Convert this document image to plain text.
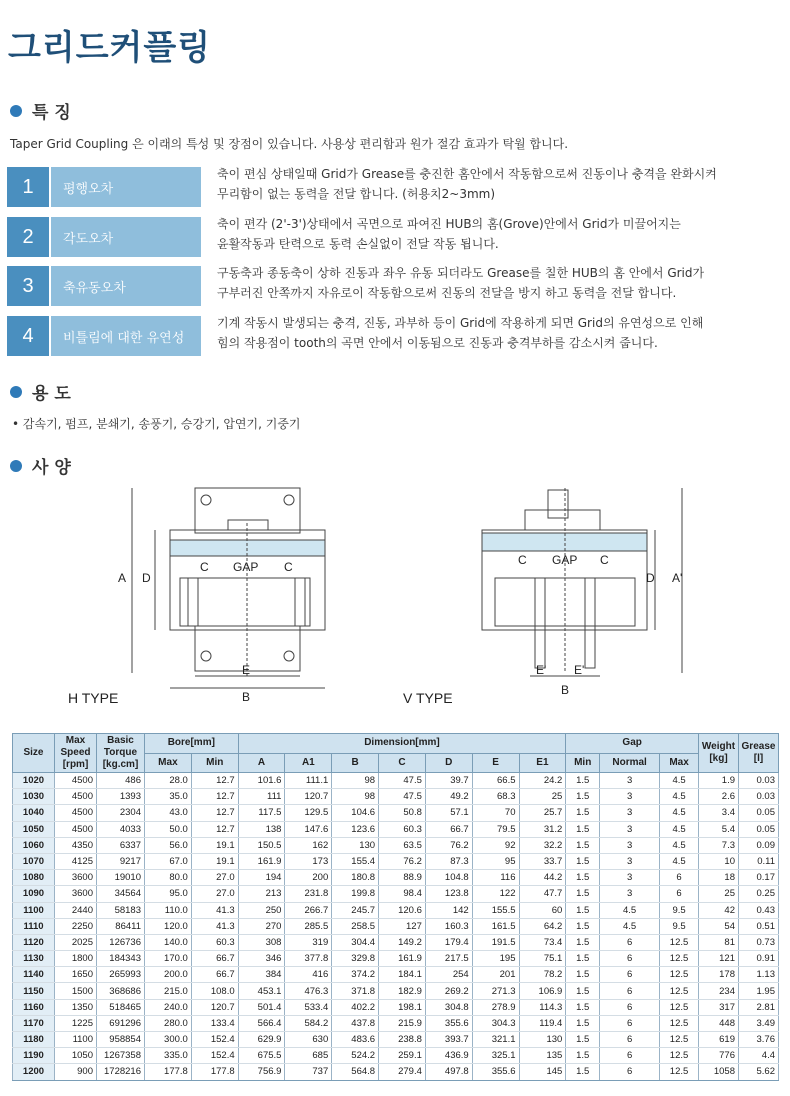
그리드커플링
특 징
Taper Grid Coupling 은 이래의 특성 및 장점이 있습니다. 사용상 편리함과 원가 절감 효과가 탁월 합니다.
1	평행오차
축이 편심 상태일때 Grid가 Grease를 충진한 홈안에서 작동함으로써 진동이나 충격을 완화시켜
무리함이 없는 동력을 전달 합니다. (허용치2~3mm)
2	각도오차
축이 편각 (2'-3')상태에서 곡면으로 파여진 HUB의 홈(Grove)안에서 Grid가 미끌어지는
윤활작동과 탄력으로 동력 손실없이 전달 작동 됩니다.
3	축유동오차
구동축과 종동축이 상하 진동과 좌우 유동 되더라도 Grease를 칠한 HUB의 홈 안에서 Grid가
구부러진 안쪽까지 자유로이 작동함으로써 진동의 전달을 방지 하고 동력을 전달 합니다.
4	비틀림에 대한 유연성
기계 작동시 발생되는 충격, 진동, 과부하 등이 Grid에 작용하게 되면 Grid의 유연성으로 인해
힘의 작용점이 tooth의 곡면 안에서 이동됨으로 진동과 충격부하를 감소시켜 줍니다.
용 도
• 감속기, 펌프, 분쇄기, 송풍기, 승강기, 압연기, 기중기
사 양
A D
C GAP C
E
B
H TYPE
C GAP C
D A'
E' E'
B
V TYPE
Size	Max Speed [rpm]	Basic Torque [kg.cm]	Bore[mm]		Dimension[mm]							Gap			Weight [kg]	Grease [l]
			Max	Min	A	A1	B	C	D	E	E1	Min	Normal	Max		
1020	4500	486	28.0	12.7	101.6	111.1	98	47.5	39.7	66.5	24.2	1.5	3	4.5	1.9	0.03
1030	4500	1393	35.0	12.7	111	120.7	98	47.5	49.2	68.3	25	1.5	3	4.5	2.6	0.03
1040	4500	2304	43.0	12.7	117.5	129.5	104.6	50.8	57.1	70	25.7	1.5	3	4.5	3.4	0.05
1050	4500	4033	50.0	12.7	138	147.6	123.6	60.3	66.7	79.5	31.2	1.5	3	4.5	5.4	0.05
1060	4350	6337	56.0	19.1	150.5	162	130	63.5	76.2	92	32.2	1.5	3	4.5	7.3	0.09
1070	4125	9217	67.0	19.1	161.9	173	155.4	76.2	87.3	95	33.7	1.5	3	4.5	10	0.11
1080	3600	19010	80.0	27.0	194	200	180.8	88.9	104.8	116	44.2	1.5	3	6	18	0.17
1090	3600	34564	95.0	27.0	213	231.8	199.8	98.4	123.8	122	47.7	1.5	3	6	25	0.25
1100	2440	58183	110.0	41.3	250	266.7	245.7	120.6	142	155.5	60	1.5	4.5	9.5	42	0.43
1110	2250	86411	120.0	41.3	270	285.5	258.5	127	160.3	161.5	64.2	1.5	4.5	9.5	54	0.51
1120	2025	126736	140.0	60.3	308	319	304.4	149.2	179.4	191.5	73.4	1.5	6	12.5	81	0.73
1130	1800	184343	170.0	66.7	346	377.8	329.8	161.9	217.5	195	75.1	1.5	6	12.5	121	0.91
1140	1650	265993	200.0	66.7	384	416	374.2	184.1	254	201	78.2	1.5	6	12.5	178	1.13
1150	1500	368686	215.0	108.0	453.1	476.3	371.8	182.9	269.2	271.3	106.9	1.5	6	12.5	234	1.95
1160	1350	518465	240.0	120.7	501.4	533.4	402.2	198.1	304.8	278.9	114.3	1.5	6	12.5	317	2.81
1170	1225	691296	280.0	133.4	566.4	584.2	437.8	215.9	355.6	304.3	119.4	1.5	6	12.5	448	3.49
1180	1100	958854	300.0	152.4	629.9	630	483.6	238.8	393.7	321.1	130	1.5	6	12.5	619	3.76
1190	1050	1267358	335.0	152.4	675.5	685	524.2	259.1	436.9	325.1	135	1.5	6	12.5	776	4.4
1200	900	1728216	177.8	177.8	756.9	737	564.8	279.4	497.8	355.6	145	1.5	6	12.5	1058	5.62
